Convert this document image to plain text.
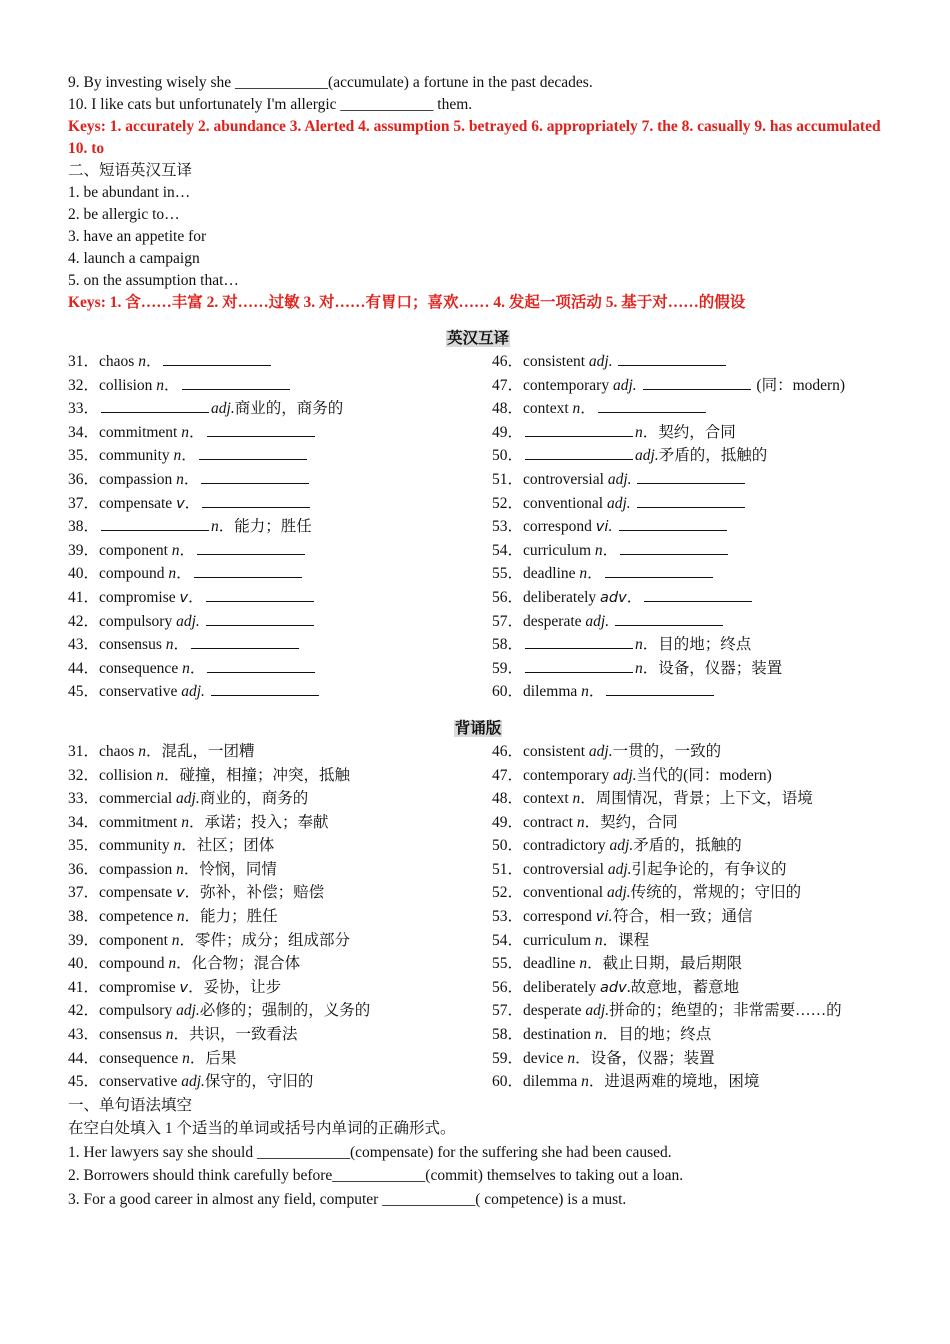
9. By investing wisely she ____________(accumulate) a fortune in the past decades.
10. I like cats but unfortunately I'm allergic ____________ them.
Keys: 1. accurately 2. abundance 3. Alerted 4. assumption 5. betrayed 6. appropriately 7. the 8. casually 9. has accumulated 10. to
二、短语英汉互译
1. be abundant in…
2. be allergic to…
3. have an appetite for
4. launch a campaign
5. on the assumption that…
Keys: 1. 含……丰富 2. 对……过敏 3. 对……有胃口；喜欢…… 4. 发起一项活动 5. 基于对……的假设
英汉互译
31．chaos n．
32．collision n．
33．	adj.商业的，商务的
34．commitment n．
35．community n．
36．compassion n．
37．compensate v．
38．	n．能力；胜任
39．component n．
40．compound n．
41．compromise v．
42．compulsory adj.
43．consensus n．
44．consequence n．
45．conservative adj.
46．consistent adj.
47．contemporary adj.	(同：modern)
48．context n．
49．	n．契约，合同
50．	adj.矛盾的，抵触的
51．controversial adj.
52．conventional adj.
53．correspond vi.
54．curriculum n．
55．deadline n．
56．deliberately adv．
57．desperate adj.
58．	n．目的地；终点
59．	n．设备，仪器；装置
60．dilemma n．
背诵版
31．chaos n．混乱，一团糟
32．collision n．碰撞，相撞；冲突，抵触
33．commercial adj.商业的，商务的
34．commitment n．承诺；投入；奉献
35．community n．社区；团体
36．compassion n．怜悯，同情
37．compensate v．弥补，补偿；赔偿
38．competence n．能力；胜任
39．component n．零件；成分；组成部分
40．compound n．化合物；混合体
41．compromise v．妥协，让步
42．compulsory adj.必修的；强制的，义务的
43．consensus n．共识，一致看法
44．consequence n．后果
45．conservative adj.保守的，守旧的
46．consistent adj.一贯的，一致的
47．contemporary adj.当代的(同：modern)
48．context n．周围情况，背景；上下文，语境
49．contract n．契约，合同
50．contradictory adj.矛盾的，抵触的
51．controversial adj.引起争论的，有争议的
52．conventional adj.传统的，常规的；守旧的
53．correspond vi.符合，相一致；通信
54．curriculum n．课程
55．deadline n．截止日期，最后期限
56．deliberately adv.故意地，蓄意地
57．desperate adj.拼命的；绝望的；非常需要……的
58．destination n．目的地；终点
59．device n．设备，仪器；装置
60．dilemma n．进退两难的境地，困境
一、单句语法填空
在空白处填入 1 个适当的单词或括号内单词的正确形式。
1. Her lawyers say she should ____________(compensate) for the suffering she had been caused.
2. Borrowers should think carefully before____________(commit) themselves to taking out a loan.
3. For a good career in almost any field, computer ____________( competence) is a must.
